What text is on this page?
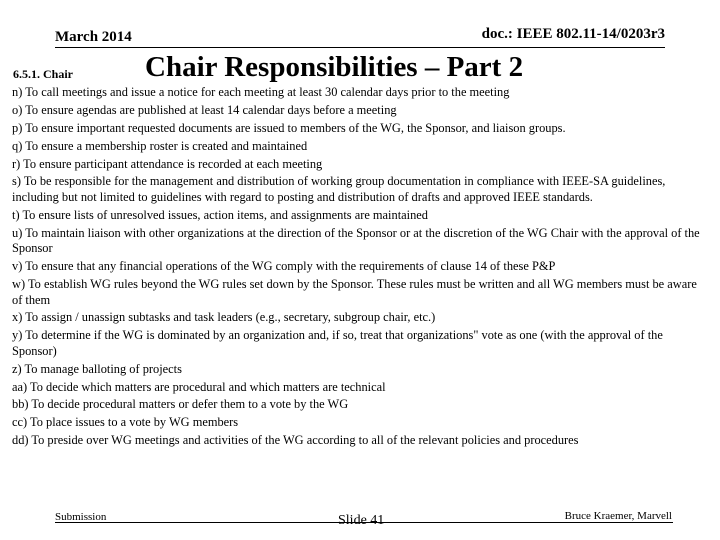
March 2014	doc.: IEEE 802.11-14/0203r3
6.5.1. Chair Chair Responsibilities – Part 2
n) To call meetings and issue a notice for each meeting at least 30 calendar days prior to the meeting
o) To ensure agendas are published at least 14 calendar days before a meeting
p) To ensure important requested documents are issued to members of the WG, the Sponsor, and liaison groups.
q) To ensure a membership roster is created and maintained
r) To ensure participant attendance is recorded at each meeting
s) To be responsible for the management and distribution of working group documentation in compliance with IEEE-SA guidelines, including but not limited to guidelines with regard to posting and distribution of drafts and approved IEEE standards.
t) To ensure lists of unresolved issues, action items, and assignments are maintained
u) To maintain liaison with other organizations at the direction of the Sponsor or at the discretion of the WG Chair with the approval of the Sponsor
v) To ensure that any financial operations of the WG comply with the requirements of clause 14 of these P&P
w) To establish WG rules beyond the WG rules set down by the Sponsor. These rules must be written and all WG members must be aware of them
x) To assign / unassign subtasks and task leaders (e.g., secretary, subgroup chair, etc.)
y) To determine if the WG is dominated by an organization and, if so, treat that organizations" vote as one (with the approval of the Sponsor)
z) To manage balloting of projects
aa) To decide which matters are procedural and which matters are technical
bb) To decide procedural matters or defer them to a vote by the WG
cc) To place issues to a vote by WG members
dd) To preside over WG meetings and activities of the WG according to all of the relevant policies and procedures
Submission	Slide 41	Bruce Kraemer, Marvell
